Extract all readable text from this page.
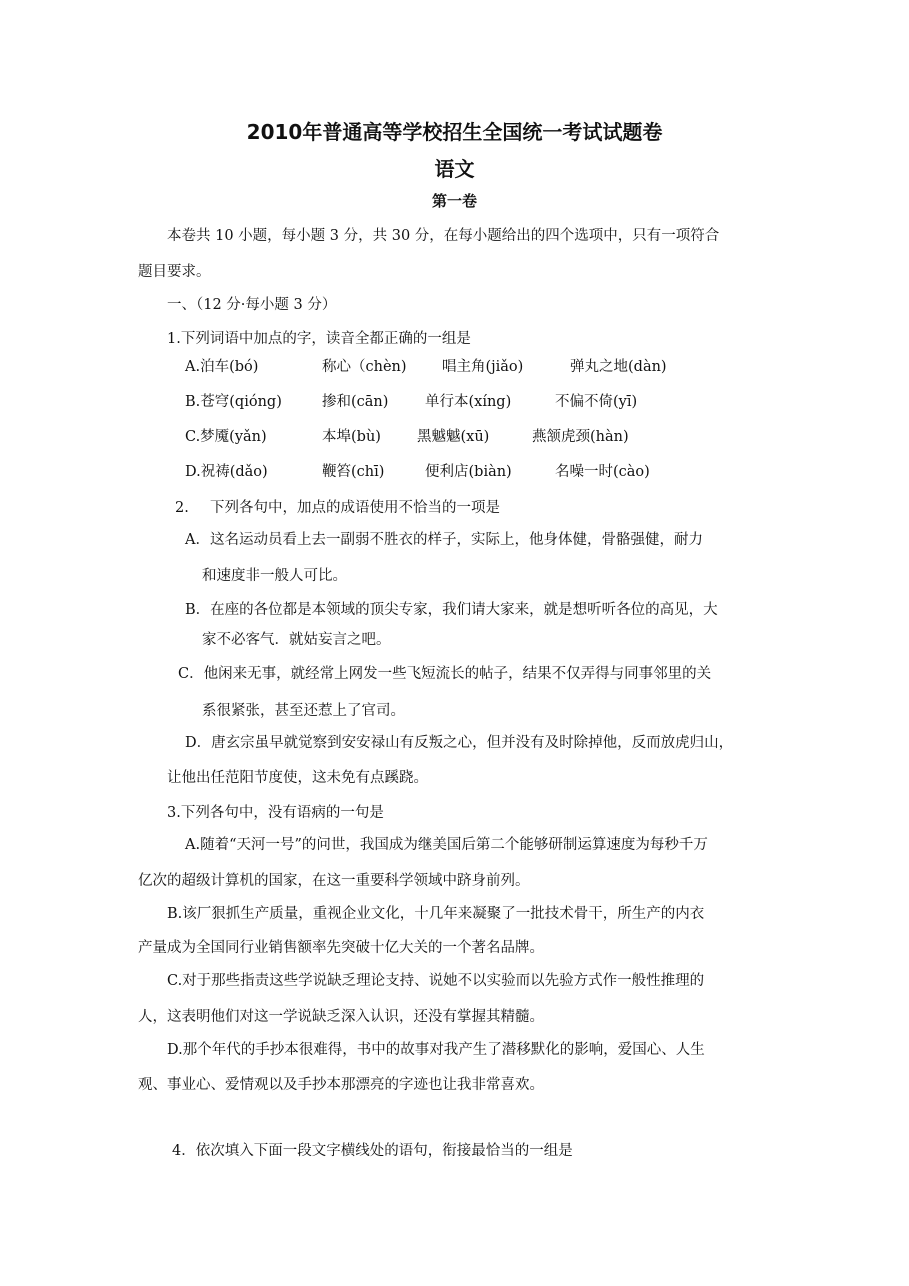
2010年普通高等学校招生全国统一考试试题卷
语文
第一卷
本卷共 10 小题，每小题 3 分，共 30 分，在每小题给出的四个选项中，只有一项符合
题目要求。
一、（12 分·每小题 3 分）
1.下列词语中加点的字，读音全都正确的一组是
A.泊车(bó)	称心（chèn) 唱主角(jiǎo)	弹丸之地(dàn)
B.苍穹(qióng)	掺和(cān)	单行本(xíng)	不偏不倚(yī)
C.梦魇(yǎn)	本埠(bù) 黑魆魆(xū)	燕颔虎颈(hàn)
D.祝祷(dǎo)	鞭笞(chī)	便利店(biàn)	名噪一时(cào)
2. 下列各句中，加点的成语使用不恰当的一项是
A．这名运动员看上去一副弱不胜衣的样子，实际上，他身体健，骨骼强健，耐力
和速度非一般人可比。
B．在座的各位都是本领域的顶尖专家，我们请大家来，就是想听听各位的高见，大
家不必客气．就姑妄言之吧。
C．他闲来无事，就经常上网发一些飞短流长的帖子，结果不仅弄得与同事邻里的关
系很紧张，甚至还惹上了官司。
D．唐玄宗虽早就觉察到安安禄山有反叛之心，但并没有及时除掉他，反而放虎归山，
让他出任范阳节度使，这未免有点蹊跷。
3.下列各句中，没有语病的一句是
A.随着“天河一号”的问世，我国成为继美国后第二个能够研制运算速度为每秒千万
亿次的超级计算机的国家，在这一重要科学领域中跻身前列。
B.该厂狠抓生产质量，重视企业文化，十几年来凝聚了一批技术骨干，所生产的内衣
产量成为全国同行业销售额率先突破十亿大关的一个著名品牌。
C.对于那些指责这些学说缺乏理论支持、说她不以实验而以先验方式作一般性推理的
人，这表明他们对这一学说缺乏深入认识，还没有掌握其精髓。
D.那个年代的手抄本很难得，书中的故事对我产生了潜移默化的影响，爱国心、人生
观、事业心、爱情观以及手抄本那漂亮的字迹也让我非常喜欢。
4．依次填入下面一段文字横线处的语句，衔接最恰当的一组是
